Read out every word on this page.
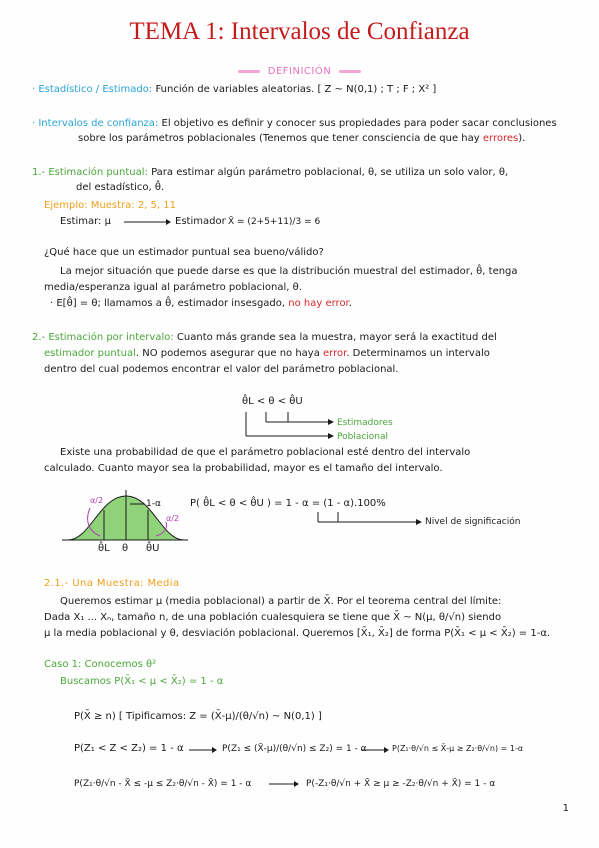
TEMA 1: Intervalos de Confianza
DEFINICIÓN
· Estadístico / Estimado: Función de variables aleatorias. [ Z ~ N(0,1) ; T ; F ; X² ]
· Intervalos de confianza: El objetivo es definir y conocer sus propiedades para poder sacar conclusiones
sobre los parámetros poblacionales (Tenemos que tener consciencia de que hay errores).
1.- Estimación puntual: Para estimar algún parámetro poblacional, θ, se utiliza un solo valor, θ,
del estadístico, θ̂.
Ejemplo: Muestra: 2, 5, 11
Estimar: μ	Estimador X̄ = (2+5+11)/3 = 6
¿Qué hace que un estimador puntual sea bueno/válido?
La mejor situación que puede darse es que la distribución muestral del estimador, θ̂, tenga
media/esperanza igual al parámetro poblacional, θ.
· E[θ̂] = θ; llamamos a θ̂, estimador insesgado, no hay error.
2.- Estimación por intervalo: Cuanto más grande sea la muestra, mayor será la exactitud del
estimador puntual. NO podemos asegurar que no haya error. Determinamos un intervalo
dentro del cual podemos encontrar el valor del parámetro poblacional.
θ̂L < θ < θ̂U
Estimadores
Poblacional
Existe una probabilidad de que el parámetro poblacional esté dentro del intervalo
calculado. Cuanto mayor sea la probabilidad, mayor es el tamaño del intervalo.
1-α
α/2
α/2
θ̂L θ θ̂U
P( θ̂L < θ < θ̂U ) = 1 - α = (1 - α).100%
Nivel de significación
2.1.- Una Muestra: Media
Queremos estimar μ (media poblacional) a partir de X̄. Por el teorema central del límite:
Dada X₁ ... Xₙ, tamaño n, de una población cualesquiera se tiene que X̄ ~ N(μ, θ/√n) siendo
μ la media poblacional y θ, desviación poblacional. Queremos [X̄₁, X̄₂] de forma P(X̄₁ < μ < X̄₂) = 1-α.
Caso 1: Conocemos θ²
Buscamos P(X̄₁ < μ < X̄₂) = 1 - α
P(X̄ ≥ n) [ Tipificamos: Z = (X̄-μ)/(θ/√n) ~ N(0,1) ]
P(Z₁ < Z < Z₂) = 1 - α	P(Z₁ ≤ (X̄-μ)/(θ/√n) ≤ Z₂) = 1 - α	P(Z₁·θ/√n ≤ X̄-μ ≥ Z₂·θ/√n) = 1-α
P(Z₁·θ/√n - X̄ ≤ -μ ≤ Z₂·θ/√n - X̄) = 1 - α	P(-Z₁·θ/√n + X̄ ≥ μ ≥ -Z₂·θ/√n + X̄) = 1 - α
1
